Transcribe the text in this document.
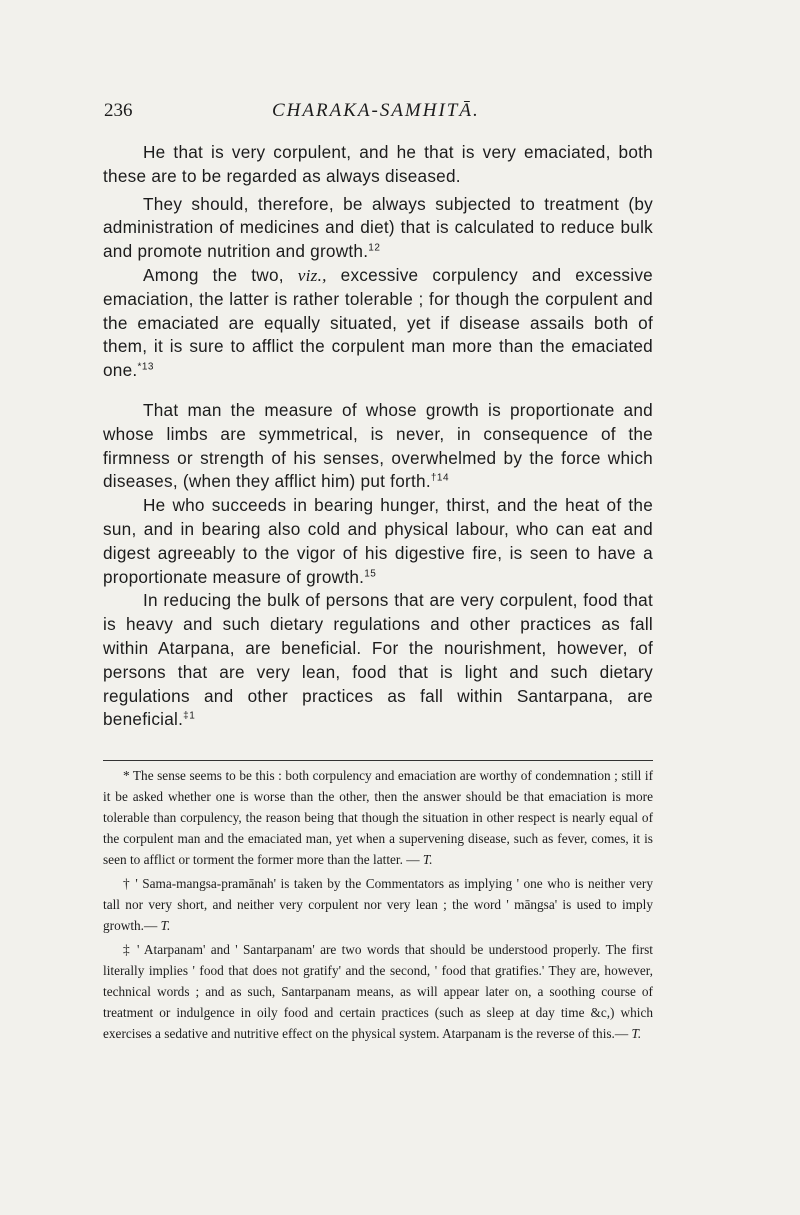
236	CHARAKA-SAMHITĀ.

He that is very corpulent, and he that is very emaciated, both these are to be regarded as always diseased.

They should, therefore, be always subjected to treatment (by administration of medicines and diet) that is calculated to reduce bulk and promote nutrition and growth.$^{12}$

Among the two, viz., excessive corpulency and excessive emaciation, the latter is rather tolerable ; for though the corpulent and the emaciated are equally situated, yet if disease assails both of them, it is sure to afflict the corpulent man more than the emaciated one.$^{*13}$

That man the measure of whose growth is proportionate and whose limbs are symmetrical, is never, in consequence of the firmness or strength of his senses, overwhelmed by the force which diseases, (when they afflict him) put forth.$^{\dagger 14}$

He who succeeds in bearing hunger, thirst, and the heat of the sun, and in bearing also cold and physical labour, who can eat and digest agreeably to the vigor of his digestive fire, is seen to have a proportionate measure of growth.$^{15}$

In reducing the bulk of persons that are very corpulent, food that is heavy and such dietary regulations and other practices as fall within Atarpana, are beneficial. For the nourishment, however, of persons that are very lean, food that is light and such dietary regulations and other practices as fall within Santarpana, are beneficial.$^{\ddagger 1}$

* The sense seems to be this : both corpulency and emaciation are worthy of condemnation ; still if it be asked whether one is worse than the other, then the answer should be that emaciation is more tolerable than corpulency, the reason being that though the situation in other respect is nearly equal of the corpulent man and the emaciated man, yet when a supervening disease, such as fever, comes, it is seen to afflict or torment the former more than the latter. — T.

† ' Sama-mangsa-pramānah' is taken by the Commentators as implying ' one who is neither very tall nor very short, and neither very corpulent nor very lean ; the word ' māngsa' is used to imply growth.— T.

‡ ' Atarpanam' and ' Santarpanam' are two words that should be understood properly. The first literally implies ' food that does not gratify' and the second, ' food that gratifies.' They are, however, technical words ; and as such, Santarpanam means, as will appear later on, a soothing course of treatment or indulgence in oily food and certain practices (such as sleep at day time &c,) which exercises a sedative and nutritive effect on the physical system. Atarpanam is the reverse of this.— T.
